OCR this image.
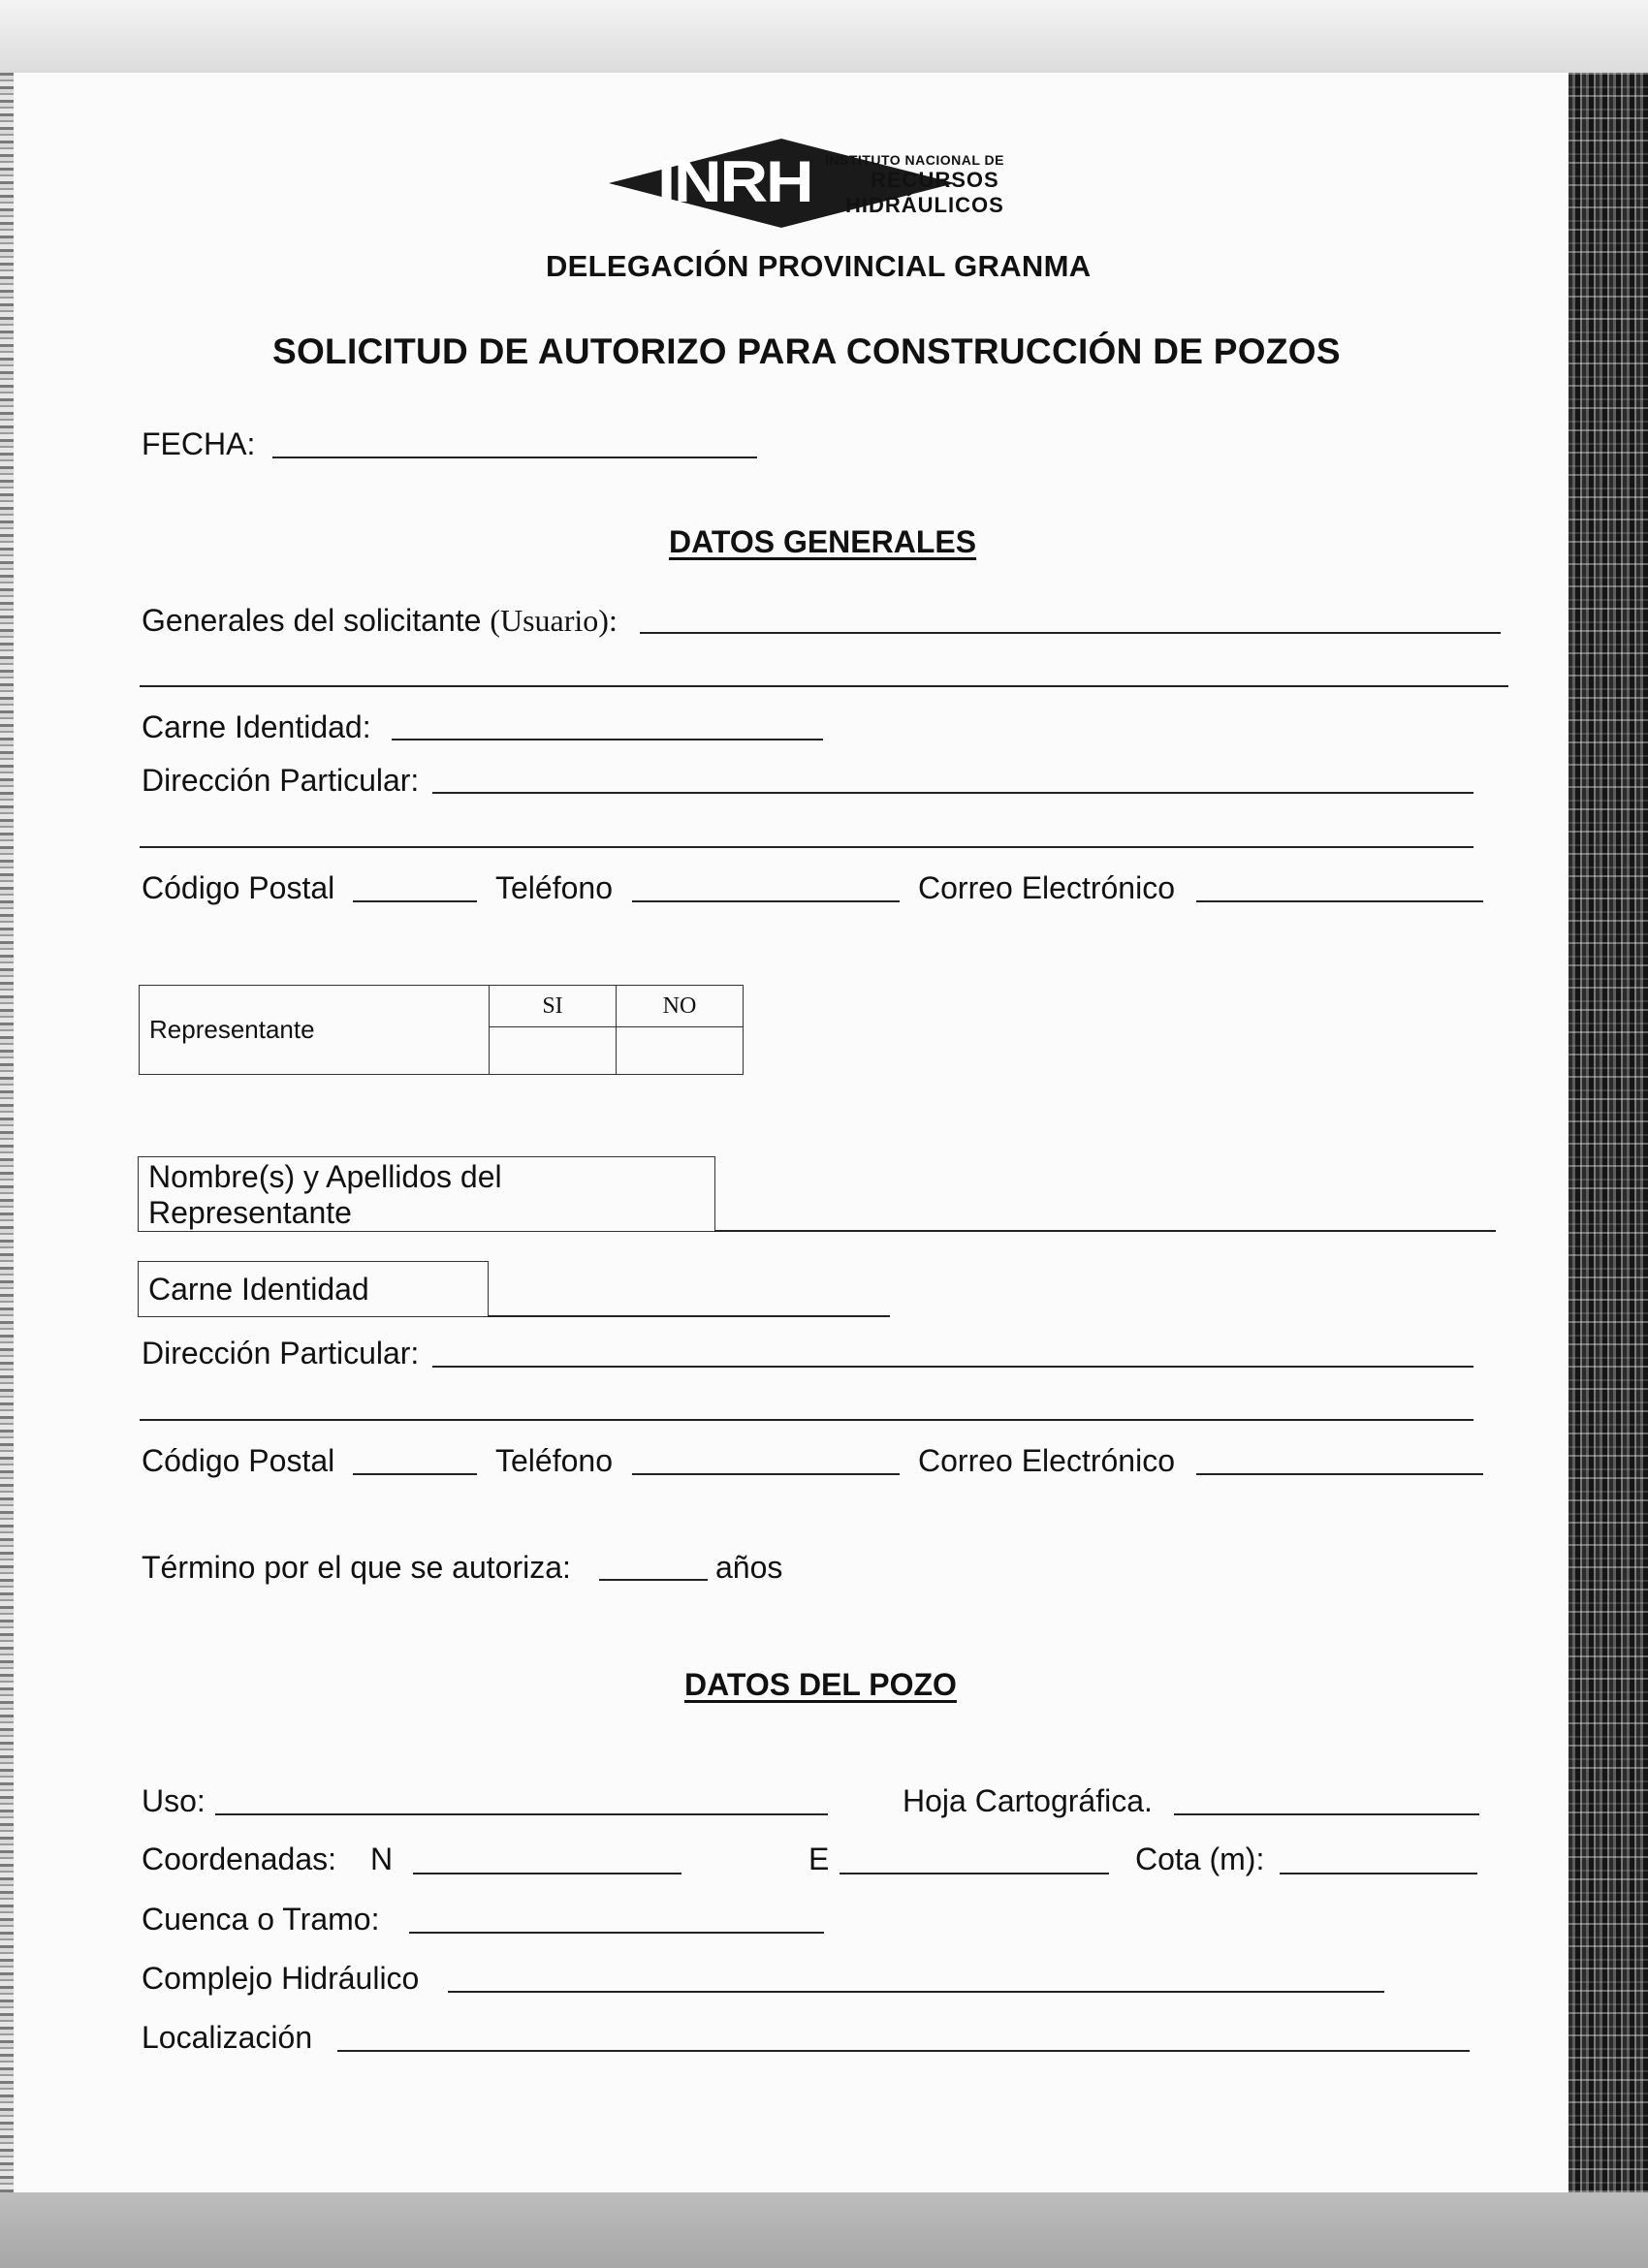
INRH INSTITUTO NACIONAL DE
RECURSOS
HIDRÁULICOS
DELEGACIÓN PROVINCIAL GRANMA
SOLICITUD DE AUTORIZO PARA CONSTRUCCIÓN DE POZOS
FECHA:
DATOS GENERALES
Generales del solicitante (Usuario):
Carne Identidad:
Dirección Particular:
Código Postal	Teléfono	Correo Electrónico
Representante	SI	NO

Nombre(s) y Apellidos del
Representante
Carne Identidad
Dirección Particular:
Código Postal	Teléfono	Correo Electrónico
Término por el que se autoriza:	años
DATOS DEL POZO
Uso:	Hoja Cartográfica.
Coordenadas: N	E	Cota (m):
Cuenca o Tramo:
Complejo Hidráulico
Localización
